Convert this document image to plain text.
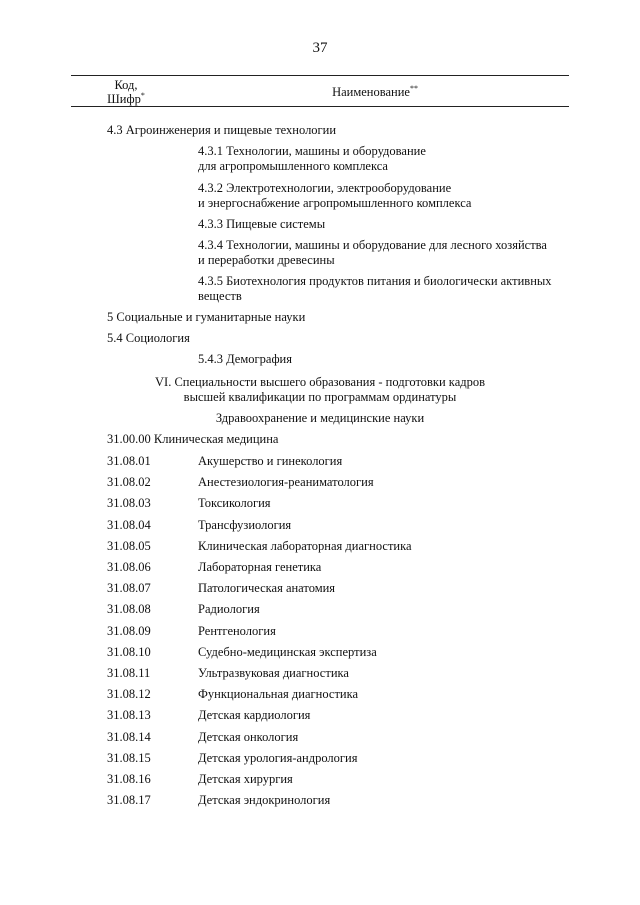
37
Код,
Шифр*	Наименование**
4.3 Агроинженерия и пищевые технологии
4.3.1 Технологии, машины и оборудование
для агропромышленного комплекса
4.3.2 Электротехнологии, электрооборудование
и энергоснабжение агропромышленного комплекса
4.3.3 Пищевые системы
4.3.4 Технологии, машины и оборудование для лесного хозяйства
и переработки древесины
4.3.5 Биотехнология продуктов питания и биологически активных
веществ
5 Социальные и гуманитарные науки
5.4 Социология
5.4.3 Демография
VI. Специальности высшего образования - подготовки кадров
высшей квалификации по программам ординатуры
Здравоохранение и медицинские науки
31.00.00 Клиническая медицина
31.08.01	Акушерство и гинекология
31.08.02	Анестезиология-реаниматология
31.08.03	Токсикология
31.08.04	Трансфузиология
31.08.05	Клиническая лабораторная диагностика
31.08.06	Лабораторная генетика
31.08.07	Патологическая анатомия
31.08.08	Радиология
31.08.09	Рентгенология
31.08.10	Судебно-медицинская экспертиза
31.08.11	Ультразвуковая диагностика
31.08.12	Функциональная диагностика
31.08.13	Детская кардиология
31.08.14	Детская онкология
31.08.15	Детская урология-андрология
31.08.16	Детская хирургия
31.08.17	Детская эндокринология
